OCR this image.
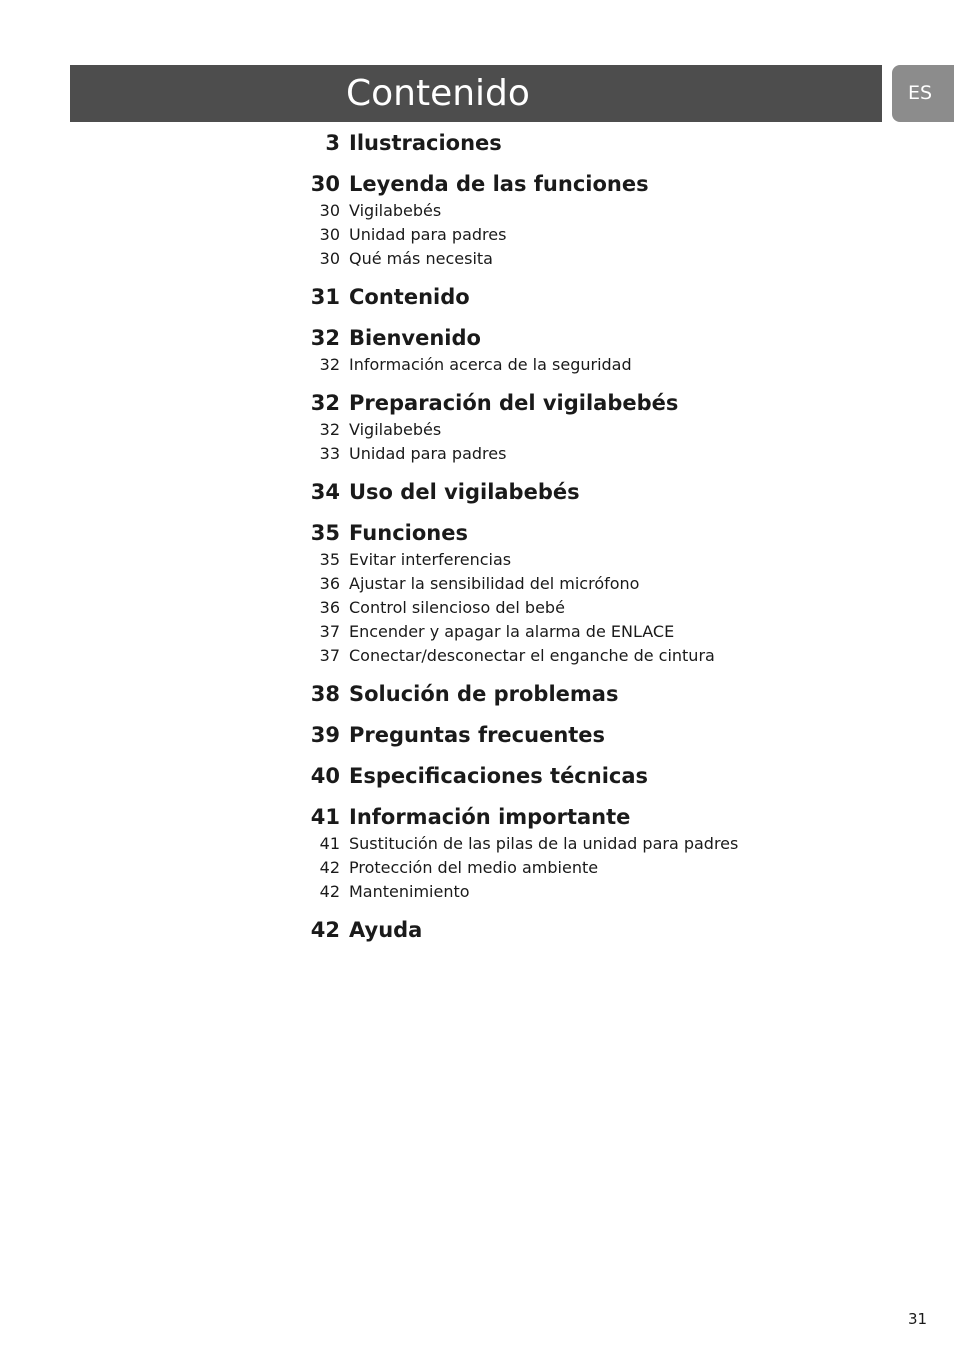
Contenido	ES
3 Ilustraciones
30 Leyenda de las funciones
30 Vigilabebés
30 Unidad para padres
30 Qué más necesita
31 Contenido
32 Bienvenido
32 Información acerca de la seguridad
32 Preparación del vigilabebés
32 Vigilabebés
33 Unidad para padres
34 Uso del vigilabebés
35 Funciones
35 Evitar interferencias
36 Ajustar la sensibilidad del micrófono
36 Control silencioso del bebé
37 Encender y apagar la alarma de ENLACE
37 Conectar/desconectar el enganche de cintura
38 Solución de problemas
39 Preguntas frecuentes
40 Especificaciones técnicas
41 Información importante
41 Sustitución de las pilas de la unidad para padres
42 Protección del medio ambiente
42 Mantenimiento
42 Ayuda
31
